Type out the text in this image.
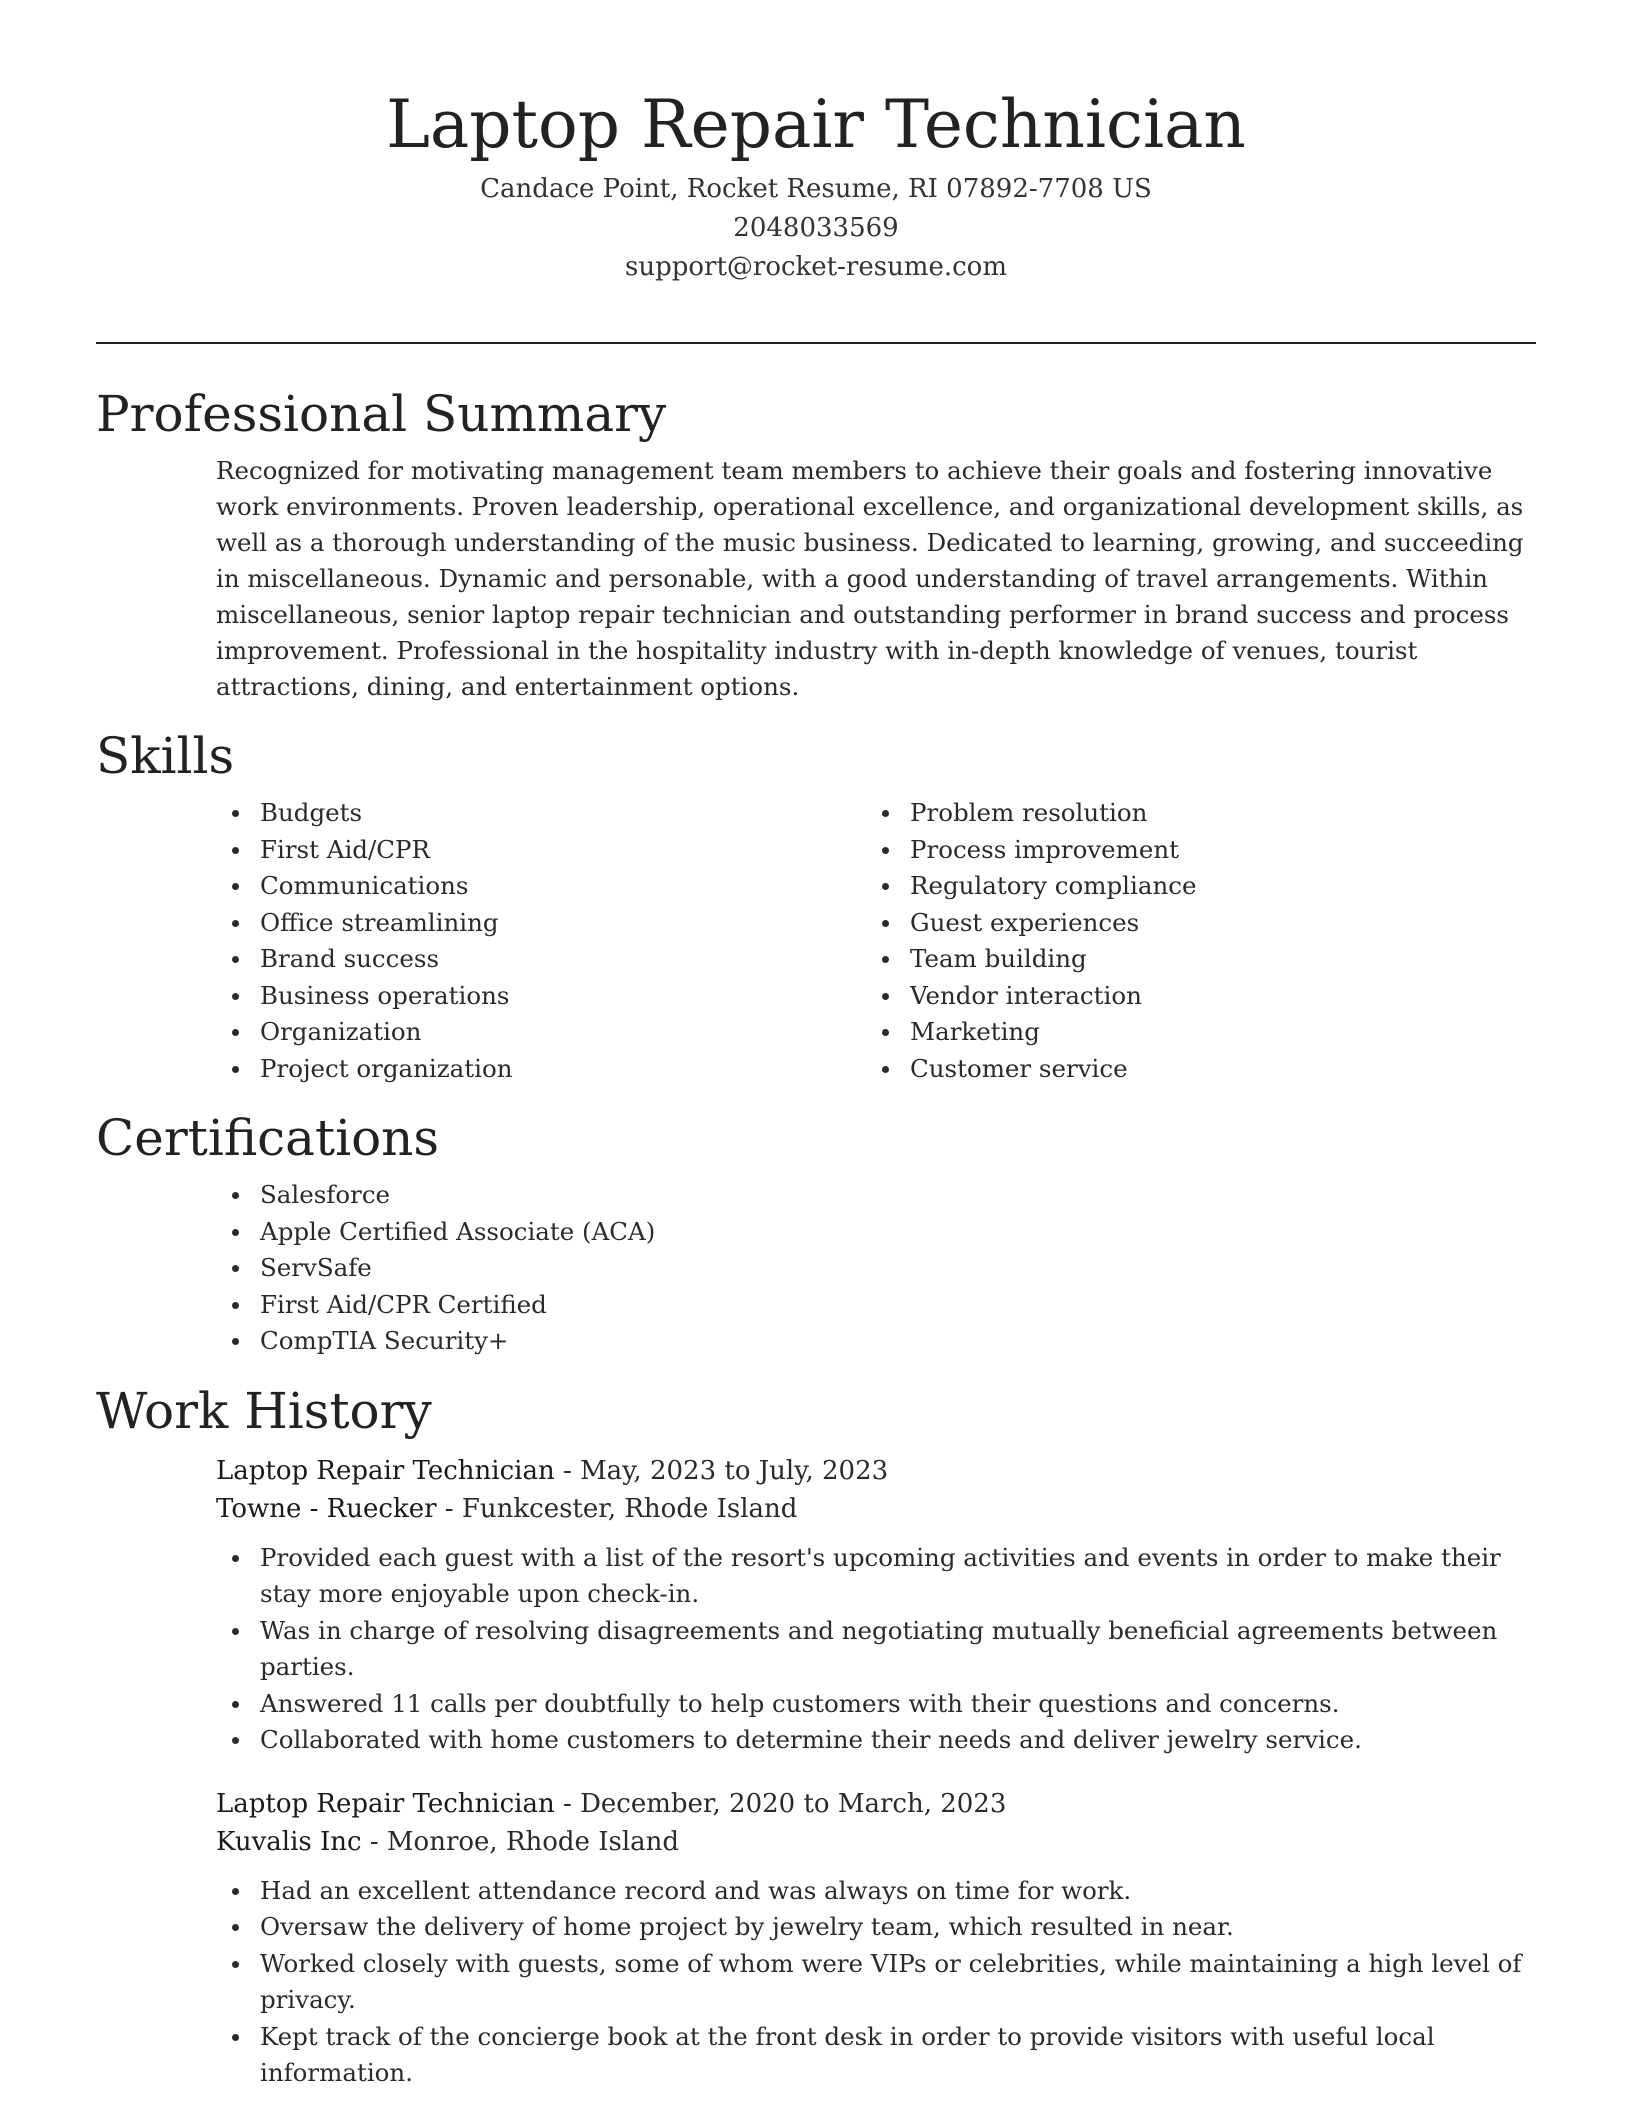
Laptop Repair Technician
Candace Point, Rocket Resume, RI 07892-7708 US
2048033569
support@rocket-resume.com
Professional Summary

Recognized for motivating management team members to achieve their goals and fostering innovative work environments. Proven leadership, operational excellence, and organizational development skills, as well as a thorough understanding of the music business. Dedicated to learning, growing, and succeeding in miscellaneous. Dynamic and personable, with a good understanding of travel arrangements. Within miscellaneous, senior laptop repair technician and outstanding performer in brand success and process improvement. Professional in the hospitality industry with in-depth knowledge of venues, tourist attractions, dining, and entertainment options.

Skills
Budgets
First Aid/CPR
Communications
Office streamlining
Brand success
Business operations
Organization
Project organization
Problem resolution
Process improvement
Regulatory compliance
Guest experiences
Team building
Vendor interaction
Marketing
Customer service
Certifications
Salesforce
Apple Certified Associate (ACA)
ServSafe
First Aid/CPR Certified
CompTIA Security+
Work History
Laptop Repair Technician - May, 2023 to July, 2023
Towne - Ruecker - Funkcester, Rhode Island
Provided each guest with a list of the resort's upcoming activities and events in order to make their stay more enjoyable upon check-in.
Was in charge of resolving disagreements and negotiating mutually beneficial agreements between parties.
Answered 11 calls per doubtfully to help customers with their questions and concerns.
Collaborated with home customers to determine their needs and deliver jewelry service.
Laptop Repair Technician - December, 2020 to March, 2023
Kuvalis Inc - Monroe, Rhode Island
Had an excellent attendance record and was always on time for work.
Oversaw the delivery of home project by jewelry team, which resulted in near.
Worked closely with guests, some of whom were VIPs or celebrities, while maintaining a high level of privacy.
Kept track of the concierge book at the front desk in order to provide visitors with useful local information.
